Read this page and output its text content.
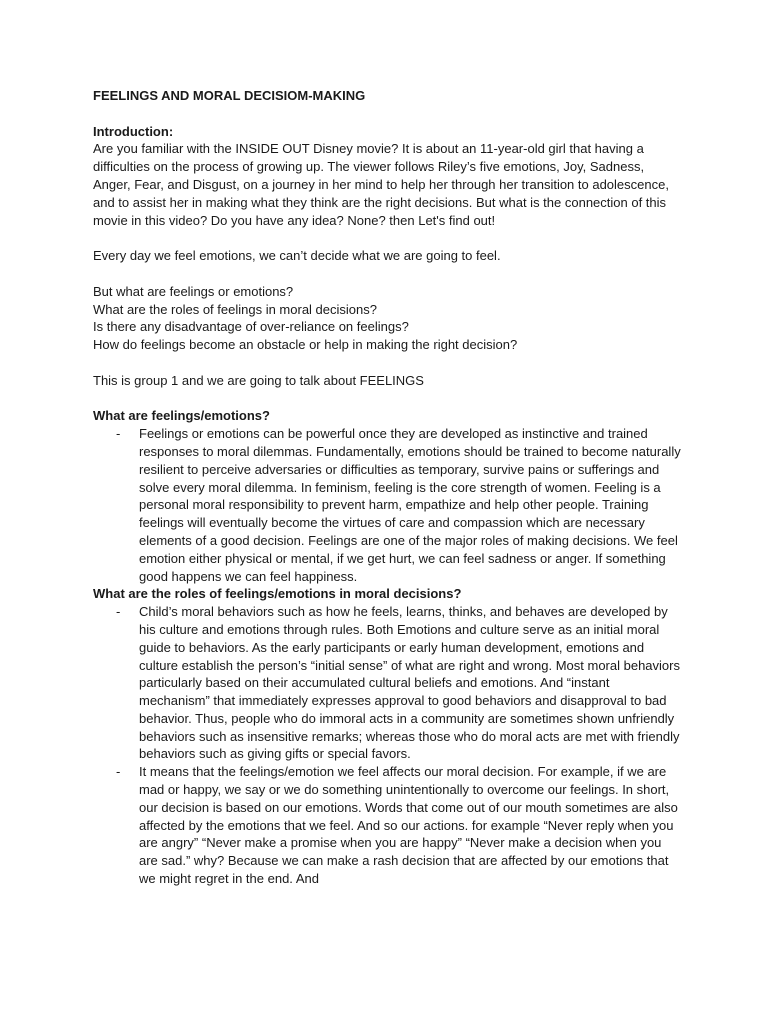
FEELINGS AND MORAL DECISIOM-MAKING

Introduction:

Are you familiar with the INSIDE OUT Disney movie? It is about an 11-year-old girl that having a difficulties on the process of growing up. The viewer follows Riley’s five emotions, Joy, Sadness, Anger, Fear, and Disgust, on a journey in her mind to help her through her transition to adolescence, and to assist her in making what they think are the right decisions. But what is the connection of this movie in this video? Do you have any idea? None? then Let's find out!

Every day we feel emotions, we can’t decide what we are going to feel.

But what are feelings or emotions?

What are the roles of feelings in moral decisions?

Is there any disadvantage of over-reliance on feelings?

How do feelings become an obstacle or help in making the right decision?

This is group 1 and we are going to talk about FEELINGS

What are feelings/emotions?

- Feelings or emotions can be powerful once they are developed as instinctive and trained responses to moral dilemmas. Fundamentally, emotions should be trained to become naturally resilient to perceive adversaries or difficulties as temporary, survive pains or sufferings and solve every moral dilemma. In feminism, feeling is the core strength of women. Feeling is a personal moral responsibility to prevent harm, empathize and help other people. Training feelings will eventually become the virtues of care and compassion which are necessary elements of a good decision. Feelings are one of the major roles of making decisions. We feel emotion either physical or mental, if we get hurt, we can feel sadness or anger. If something good happens we can feel happiness.

What are the roles of feelings/emotions in moral decisions?

- Child’s moral behaviors such as how he feels, learns, thinks, and behaves are developed by his culture and emotions through rules. Both Emotions and culture serve as an initial moral guide to behaviors. As the early participants or early human development, emotions and culture establish the person’s “initial sense” of what are right and wrong. Most moral behaviors particularly based on their accumulated cultural beliefs and emotions. And “instant mechanism” that immediately expresses approval to good behaviors and disapproval to bad behavior. Thus, people who do immoral acts in a community are sometimes shown unfriendly behaviors such as insensitive remarks; whereas those who do moral acts are met with friendly behaviors such as giving gifts or special favors.
- It means that the feelings/emotion we feel affects our moral decision. For example, if we are mad or happy, we say or we do something unintentionally to overcome our feelings. In short, our decision is based on our emotions. Words that come out of our mouth sometimes are also affected by the emotions that we feel. And so our actions. for example “Never reply when you are angry” “Never make a promise when you are happy” “Never make a decision when you are sad.” why? Because we can make a rash decision that are affected by our emotions that we might regret in the end. And
